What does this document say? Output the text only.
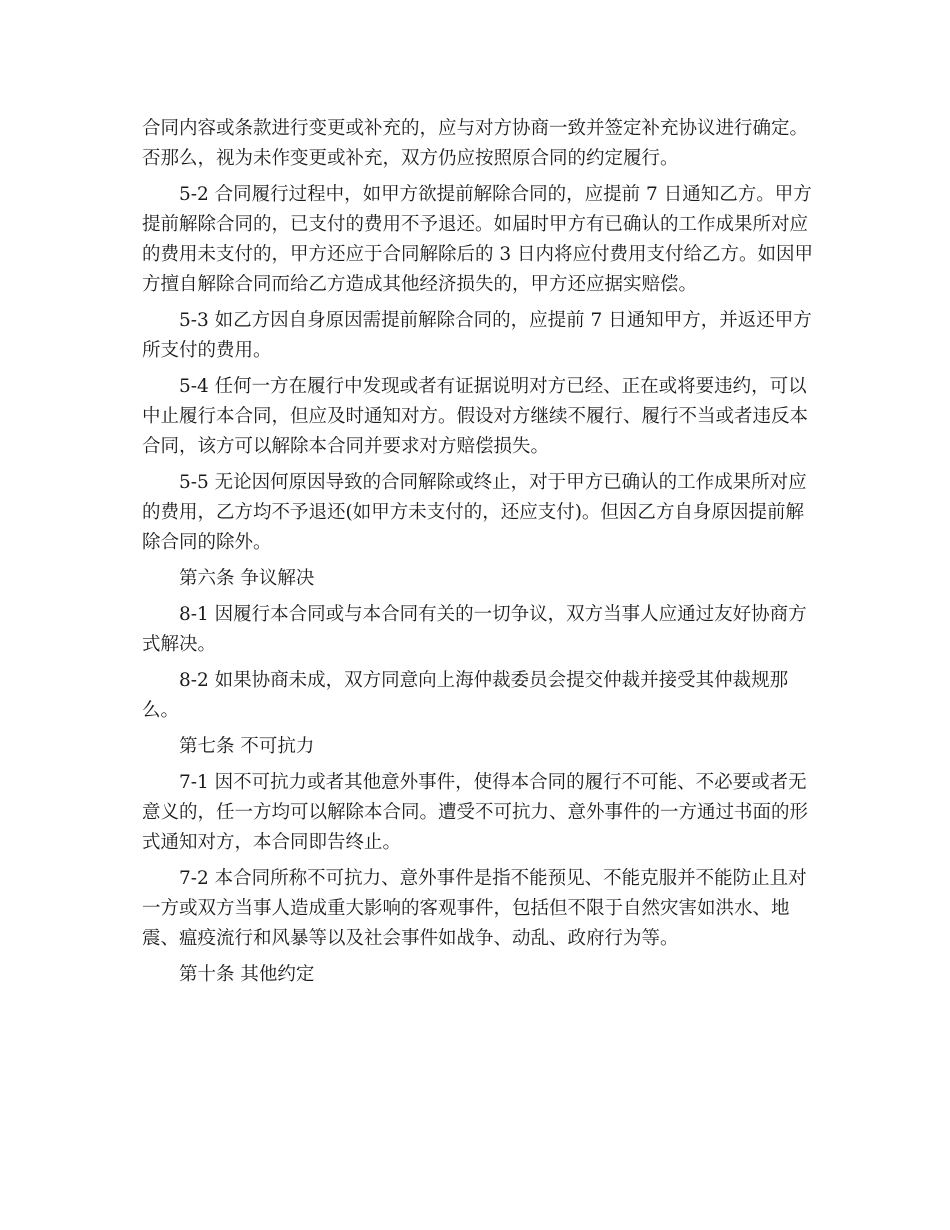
合同内容或条款进行变更或补充的，应与对方协商一致并签定补充协议进行确定。否那么，视为未作变更或补充，双方仍应按照原合同的约定履行。

5-2 合同履行过程中，如甲方欲提前解除合同的，应提前 7 日通知乙方。甲方提前解除合同的，已支付的费用不予退还。如届时甲方有已确认的工作成果所对应的费用未支付的，甲方还应于合同解除后的 3 日内将应付费用支付给乙方。如因甲方擅自解除合同而给乙方造成其他经济损失的，甲方还应据实赔偿。

5-3 如乙方因自身原因需提前解除合同的，应提前 7 日通知甲方，并返还甲方所支付的费用。

5-4 任何一方在履行中发现或者有证据说明对方已经、正在或将要违约，可以中止履行本合同，但应及时通知对方。假设对方继续不履行、履行不当或者违反本合同，该方可以解除本合同并要求对方赔偿损失。

5-5 无论因何原因导致的合同解除或终止，对于甲方已确认的工作成果所对应的费用，乙方均不予退还(如甲方未支付的，还应支付)。但因乙方自身原因提前解除合同的除外。

第六条 争议解决

8-1 因履行本合同或与本合同有关的一切争议，双方当事人应通过友好协商方式解决。

8-2 如果协商未成，双方同意向上海仲裁委员会提交仲裁并接受其仲裁规那么。

第七条 不可抗力

7-1 因不可抗力或者其他意外事件，使得本合同的履行不可能、不必要或者无意义的，任一方均可以解除本合同。遭受不可抗力、意外事件的一方通过书面的形式通知对方，本合同即告终止。

7-2 本合同所称不可抗力、意外事件是指不能预见、不能克服并不能防止且对一方或双方当事人造成重大影响的客观事件，包括但不限于自然灾害如洪水、地震、瘟疫流行和风暴等以及社会事件如战争、动乱、政府行为等。

第十条 其他约定
